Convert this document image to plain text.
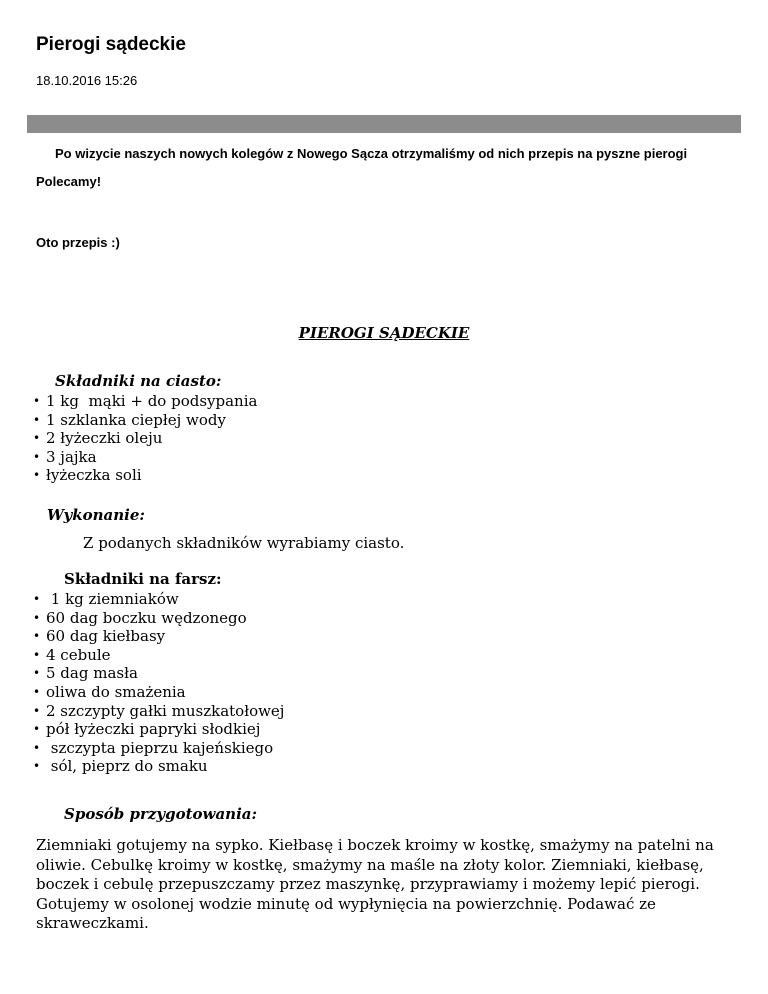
Pierogi sądeckie
18.10.2016 15:26
Po wizycie naszych nowych kolegów z Nowego Sącza otrzymaliśmy od nich przepis na pyszne pierogi
Polecamy!
Oto przepis :)
PIEROGI SĄDECKIE
Składniki na ciasto:
• 1 kg  mąki + do podsypania
• 1 szklanka ciepłej wody
• 2 łyżeczki oleju
• 3 jajka
• łyżeczka soli
Wykonanie:
Z podanych składników wyrabiamy ciasto.
Składniki na farsz:
•  1 kg ziemniaków
• 60 dag boczku wędzonego
• 60 dag kiełbasy
• 4 cebule
• 5 dag masła
• oliwa do smażenia
• 2 szczypty gałki muszkatołowej
• pół łyżeczki papryki słodkiej
•  szczypta pieprzu kajeńskiego
•  sól, pieprz do smaku
Sposób przygotowania:
Ziemniaki gotujemy na sypko. Kiełbasę i boczek kroimy w kostkę, smażymy na patelni na oliwie. Cebulkę kroimy w kostkę, smażymy na maśle na złoty kolor. Ziemniaki, kiełbasę, boczek i cebulę przepuszczamy przez maszynkę, przyprawiamy i możemy lepić pierogi. Gotujemy w osolonej wodzie minutę od wypłynięcia na powierzchnię. Podawać ze skraweczkami.
